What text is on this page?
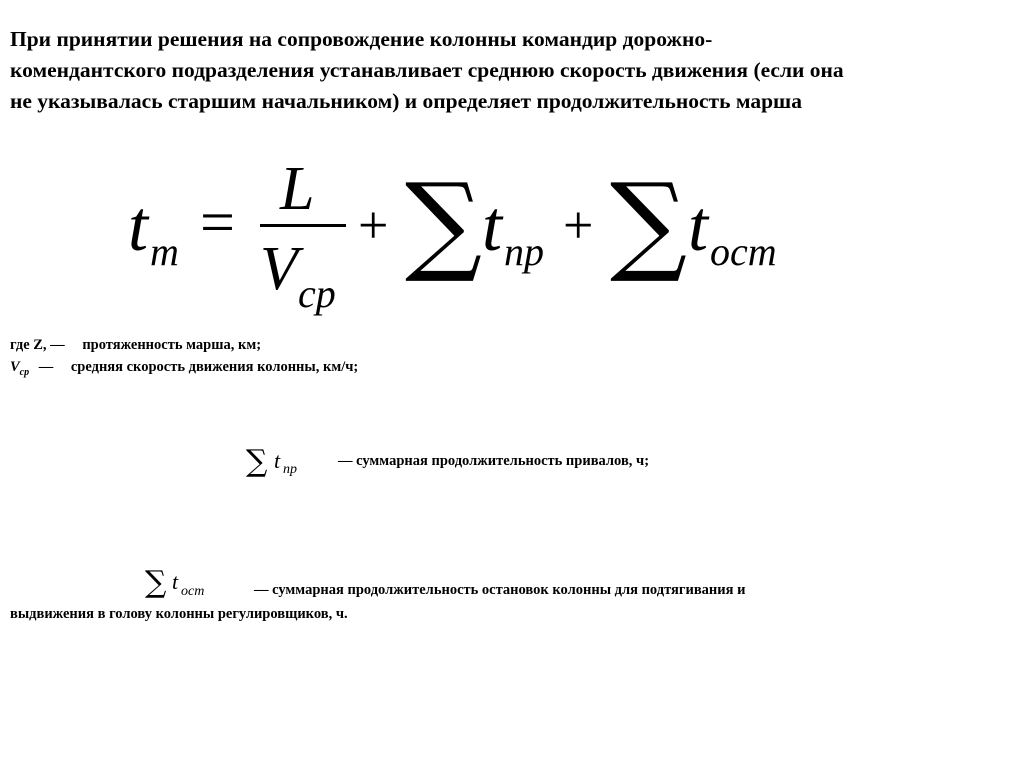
При принятии решения на сопровождение колонны командир дорожно-
комендантского подразделения устанавливает среднюю скорость движения (если она
не указывалась старшим начальником) и определяет продолжительность марша
t m = L
V cp
+ ∑ t np + ∑ t ocm
где Z, — протяженность марша, км;
$V_{cp}$ — средняя скорость движения колонны, км/ч;
∑ t пр
— суммарная продолжительность привалов, ч;
∑ t ост	— суммарная продолжительность остановок колонны для подтягивания и
выдвижения в голову колонны регулировщиков, ч.
